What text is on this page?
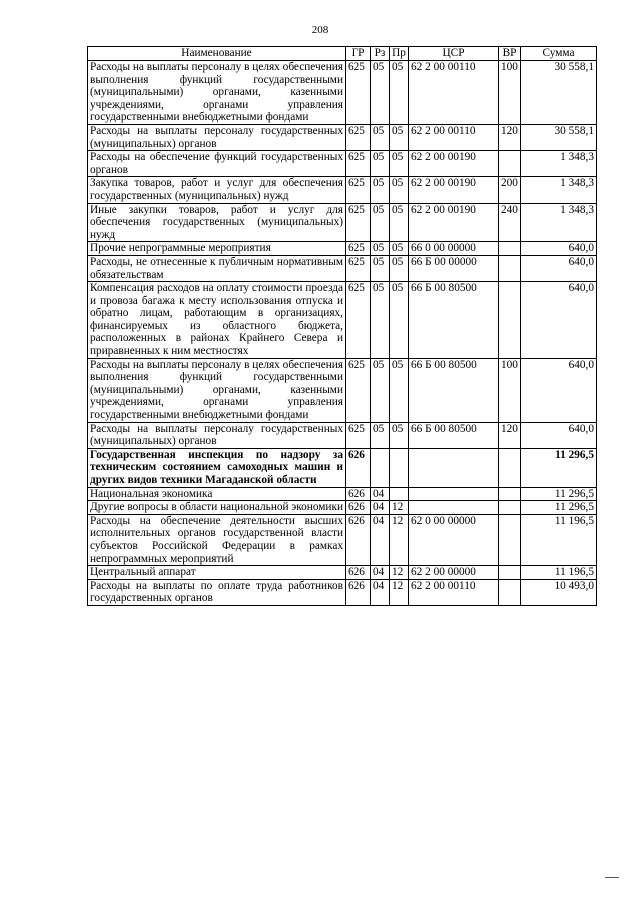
208
Наименование	ГР	Рз	Пр	ЦСР	ВР	Сумма
Расходы на выплаты персоналу в целях обеспечения выполнения функций государственными (муниципальными) органами, казенными учреждениями, органами управления государственными внебюджетными фондами	625	05	05	62 2 00 00110	100	30 558,1
Расходы на выплаты персоналу государственных (муниципальных) органов	625	05	05	62 2 00 00110	120	30 558,1
Расходы на обеспечение функций государственных органов	625	05	05	62 2 00 00190		1 348,3
Закупка товаров, работ и услуг для обеспечения государственных (муниципальных) нужд	625	05	05	62 2 00 00190	200	1 348,3
Иные закупки товаров, работ и услуг для обеспечения государственных (муниципальных) нужд	625	05	05	62 2 00 00190	240	1 348,3
Прочие непрограммные мероприятия	625	05	05	66 0 00 00000		640,0
Расходы, не отнесенные к публичным нормативным обязательствам	625	05	05	66 Б 00 00000		640,0
Компенсация расходов на оплату стоимости проезда и провоза багажа к месту использования отпуска и обратно лицам, работающим в организациях, финансируемых из областного бюджета, расположенных в районах Крайнего Севера и приравненных к ним местностях	625	05	05	66 Б 00 80500		640,0
Расходы на выплаты персоналу в целях обеспечения выполнения функций государственными (муниципальными) органами, казенными учреждениями, органами управления государственными внебюджетными фондами	625	05	05	66 Б 00 80500	100	640,0
Расходы на выплаты персоналу государственных (муниципальных) органов	625	05	05	66 Б 00 80500	120	640,0
Государственная инспекция по надзору за техническим состоянием самоходных машин и других видов техники Магаданской области	626					11 296,5
Национальная экономика	626	04				11 296,5
Другие вопросы в области национальной экономики	626	04	12			11 296,5
Расходы на обеспечение деятельности высших исполнительных органов государственной власти субъектов Российской Федерации в рамках непрограммных мероприятий	626	04	12	62 0 00 00000		11 196,5
Центральный аппарат	626	04	12	62 2 00 00000		11 196,5
Расходы на выплаты по оплате труда работников государственных органов	626	04	12	62 2 00 00110		10 493,0
